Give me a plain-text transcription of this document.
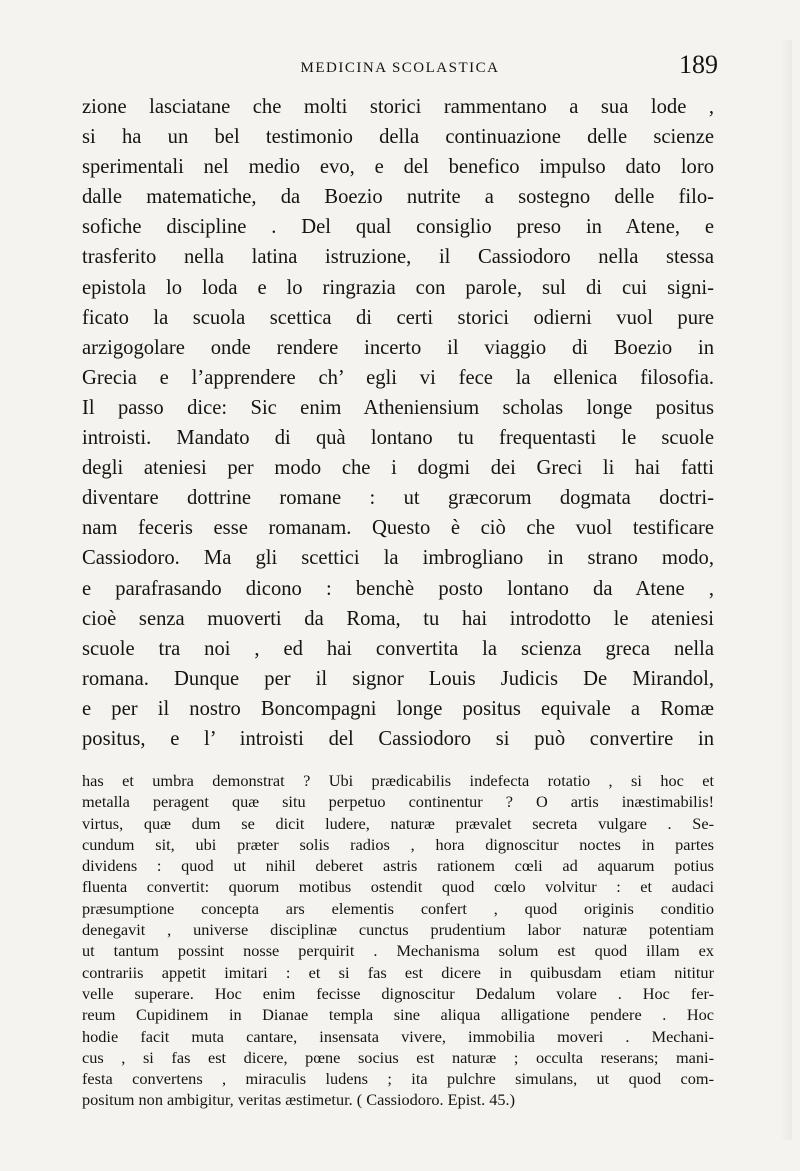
MEDICINA SCOLASTICA	189
zione lasciatane che molti storici rammentano a sua lode ,
si ha un bel testimonio della continuazione delle scienze
sperimentali nel medio evo, e del benefico impulso dato loro
dalle matematiche, da Boezio nutrite a sostegno delle filo-
sofiche discipline . Del qual consiglio preso in Atene, e
trasferito nella latina istruzione, il Cassiodoro nella stessa
epistola lo loda e lo ringrazia con parole, sul di cui signi-
ficato la scuola scettica di certi storici odierni vuol pure
arzigogolare onde rendere incerto il viaggio di Boezio in
Grecia e l’apprendere ch’ egli vi fece la ellenica filosofia.
Il passo dice: Sic enim Atheniensium scholas longe positus
introisti. Mandato di quà lontano tu frequentasti le scuole
degli ateniesi per modo che i dogmi dei Greci li hai fatti
diventare dottrine romane : ut græcorum dogmata doctri-
nam feceris esse romanam. Questo è ciò che vuol testificare
Cassiodoro. Ma gli scettici la imbrogliano in strano modo,
e parafrasando dicono : benchè posto lontano da Atene ,
cioè senza muoverti da Roma, tu hai introdotto le ateniesi
scuole tra noi , ed hai convertita la scienza greca nella
romana. Dunque per il signor Louis Judicis De Mirandol,
e per il nostro Boncompagni longe positus equivale a Romæ
positus, e l’ introisti del Cassiodoro si può convertire in
has et umbra demonstrat ? Ubi prædicabilis indefecta rotatio , si hoc et
metalla peragent quæ situ perpetuo continentur ? O artis inæstimabilis!
virtus, quæ dum se dicit ludere, naturæ prævalet secreta vulgare . Se-
cundum sit, ubi præter solis radios , hora dignoscitur noctes in partes
dividens : quod ut nihil deberet astris rationem cœli ad aquarum potius
fluenta convertit: quorum motibus ostendit quod cœlo volvitur : et audaci
præsumptione concepta ars elementis confert , quod originis conditio
denegavit , universe disciplinæ cunctus prudentium labor naturæ potentiam
ut tantum possint nosse perquirit . Mechanisma solum est quod illam ex
contrariis appetit imitari : et si fas est dicere in quibusdam etiam nititur
velle superare. Hoc enim fecisse dignoscitur Dedalum volare . Hoc fer-
reum Cupidinem in Dianae templa sine aliqua alligatione pendere . Hoc
hodie facit muta cantare, insensata vivere, immobilia moveri . Mechani-
cus , si fas est dicere, pœne socius est naturæ ; occulta reserans; mani-
festa convertens , miraculis ludens ; ita pulchre simulans, ut quod com-
positum non ambigitur, veritas æstimetur. ( Cassiodoro. Epist. 45.)
